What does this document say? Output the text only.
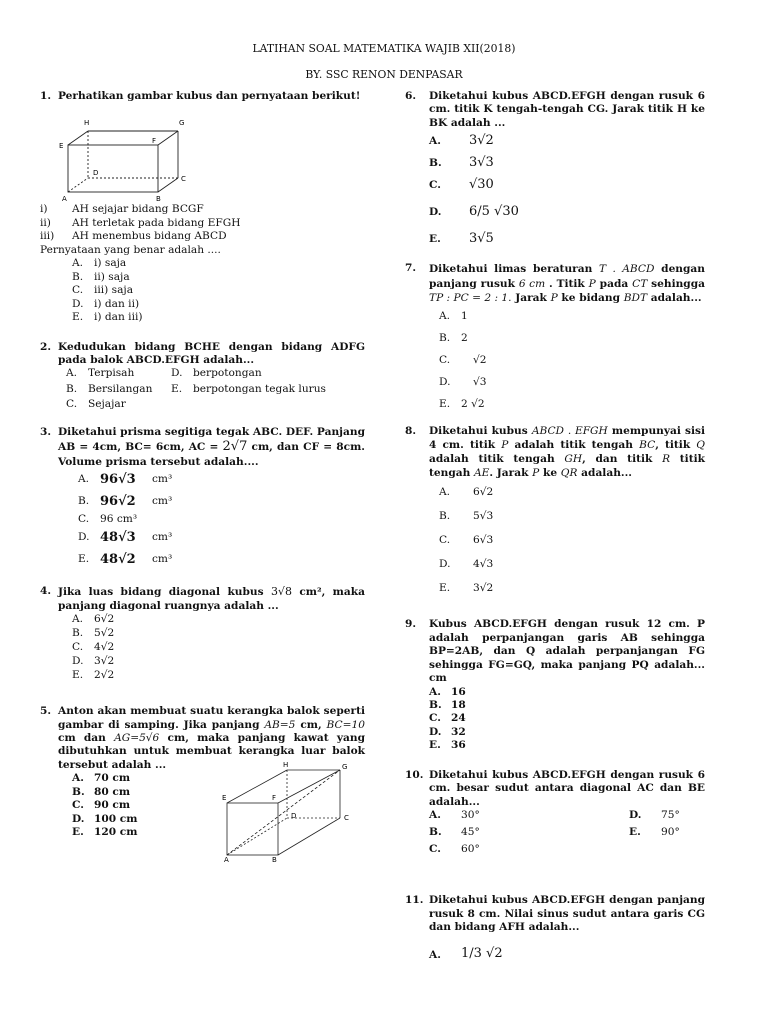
LATIHAN SOAL MATEMATIKA WAJIB XII(2018)
BY. SSC RENON DENPASAR
1. Perhatikan gambar kubus dan pernyataan berikut!
H	G
E
F
D
C
A	B
i)	AH sejajar bidang BCGF
ii)	AH terletak pada bidang EFGH
iii)	AH menembus bidang ABCD
Pernyataan yang benar adalah ....
A.	i) saja
B.	ii) saja
C.	iii) saja
D. i) dan ii)
E.	i) dan iii)
2. Kedudukan bidang BCHE dengan bidang ADFG pada balok ABCD.EFGH adalah...
A.	Terpisah	D. berpotongan
B.	Bersilangan E.	berpotongan tegak lurus
C.	Sejajar
3. Diketahui prisma segitiga tegak ABC. DEF. Panjang AB = 4cm, BC= 6cm, AC = 2√7 cm, dan CF = 8cm. Volume prisma tersebut adalah....
A. 96√3	cm³
B. 96√2	cm³
C.	96 cm³
D. 48√3	cm³
E. 48√2	cm³
4. Jika luas bidang diagonal kubus 3√8 cm², maka panjang diagonal ruangnya adalah ...
A.	6√2
B.	5√2
C.	4√2
D. 3√2
E.	2√2
5. Anton akan membuat suatu kerangka balok seperti gambar di samping. Jika panjang AB=5 cm, BC=10 cm dan AG=5√6 cm, maka panjang kawat yang dibutuhkan untuk membuat kerangka luar balok tersebut adalah ...
A. 70 cm
B. 80 cm
C. 90 cm
D. 100 cm
E. 120 cm
H	G
E	F
D	C
A	B
6.	Diketahui kubus ABCD.EFGH dengan rusuk 6 cm. titik K tengah-tengah CG. Jarak titik H ke BK adalah ...
A.	3√2
B.	3√3
C.	√30
D.	6/5 √30
E.	3√5
7.	Diketahui limas beraturan T . ABCD dengan panjang rusuk 6 cm . Titik P pada CT sehingga TP : PC = 2 : 1. Jarak P ke bidang BDT adalah...
A.	1
B.	2
C.	√2
D.	√3
E.	2 √2
8.	Diketahui kubus ABCD . EFGH mempunyai sisi 4 cm. titik P adalah titik tengah BC, titik Q adalah titik tengah GH, dan titik R titik tengah AE. Jarak P ke QR adalah...
A.	6√2
B.	5√3
C.	6√3
D.	4√3
E.	3√2
9.	Kubus ABCD.EFGH dengan rusuk 12 cm. P adalah perpanjangan garis AB sehingga BP=2AB, dan Q adalah perpanjangan FG sehingga FG=GQ, maka panjang PQ adalah... cm
A. 16
B. 18
C. 24
D. 32
E. 36
10. Diketahui kubus ABCD.EFGH dengan rusuk 6 cm. besar sudut antara diagonal AC dan BE adalah...
A.	30°	D.	75°
B.	45°	E.	90°
C.	60°
11. Diketahui kubus ABCD.EFGH dengan panjang rusuk 8 cm. Nilai sinus sudut antara garis CG dan bidang AFH adalah...
A.	1/3 √2
